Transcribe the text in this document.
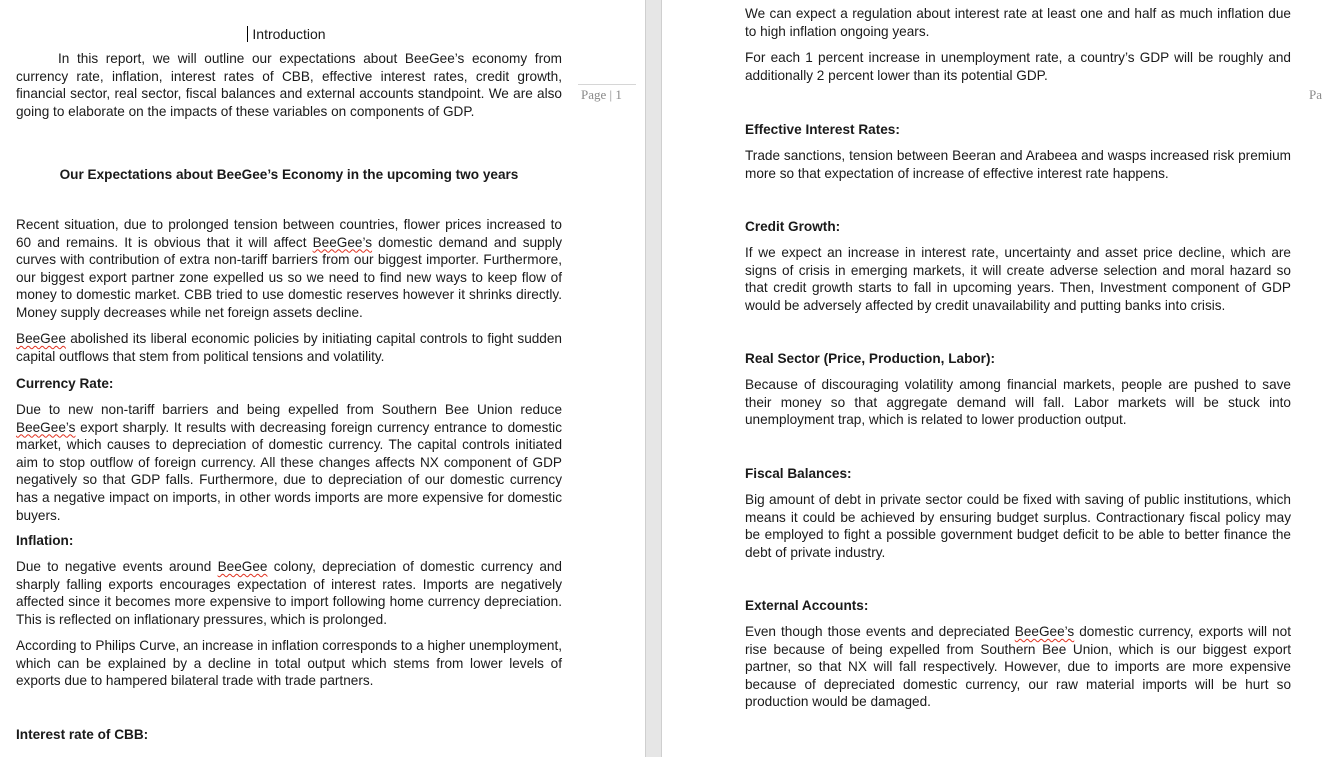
Introduction

In this report, we will outline our expectations about BeeGee’s economy from currency rate, inflation, interest rates of CBB, effective interest rates, credit growth, financial sector, real sector, fiscal balances and external accounts standpoint. We are also going to elaborate on the impacts of these variables on components of GDP.

Page | 1

Our Expectations about BeeGee’s Economy in the upcoming two years

Recent situation, due to prolonged tension between countries, flower prices increased to 60 and remains. It is obvious that it will affect BeeGee’s domestic demand and supply curves with contribution of extra non-tariff barriers from our biggest importer. Furthermore, our biggest export partner zone expelled us so we need to find new ways to keep flow of money to domestic market. CBB tried to use domestic reserves however it shrinks directly. Money supply decreases while net foreign assets decline.

BeeGee abolished its liberal economic policies by initiating capital controls to fight sudden capital outflows that stem from political tensions and volatility.

Currency Rate:

Due to new non-tariff barriers and being expelled from Southern Bee Union reduce BeeGee’s export sharply. It results with decreasing foreign currency entrance to domestic market, which causes to depreciation of domestic currency. The capital controls initiated aim to stop outflow of foreign currency. All these changes affects NX component of GDP negatively so that GDP falls. Furthermore, due to depreciation of our domestic currency has a negative impact on imports, in other words imports are more expensive for domestic buyers.

Inflation:

Due to negative events around BeeGee colony, depreciation of domestic currency and sharply falling exports encourages expectation of interest rates. Imports are negatively affected since it becomes more expensive to import following home currency depreciation. This is reflected on inflationary pressures, which is prolonged.

According to Philips Curve, an increase in inflation corresponds to a higher unemployment, which can be explained by a decline in total output which stems from lower levels of exports due to hampered bilateral trade with trade partners.

Interest rate of CBB:

We can expect a regulation about interest rate at least one and half as much inflation due to high inflation ongoing years.

For each 1 percent increase in unemployment rate, a country’s GDP will be roughly and additionally 2 percent lower than its potential GDP.

Pa

Effective Interest Rates:

Trade sanctions, tension between Beeran and Arabeea and wasps increased risk premium more so that expectation of increase of effective interest rate happens.

Credit Growth:

If we expect an increase in interest rate, uncertainty and asset price decline, which are signs of crisis in emerging markets, it will create adverse selection and moral hazard so that credit growth starts to fall in upcoming years. Then, Investment component of GDP would be adversely affected by credit unavailability and putting banks into crisis.

Real Sector (Price, Production, Labor):

Because of discouraging volatility among financial markets, people are pushed to save their money so that aggregate demand will fall. Labor markets will be stuck into unemployment trap, which is related to lower production output.

Fiscal Balances:

Big amount of debt in private sector could be fixed with saving of public institutions, which means it could be achieved by ensuring budget surplus. Contractionary fiscal policy may be employed to fight a possible government budget deficit to be able to better finance the debt of private industry.

External Accounts:

Even though those events and depreciated BeeGee’s domestic currency, exports will not rise because of being expelled from Southern Bee Union, which is our biggest export partner, so that NX will fall respectively. However, due to imports are more expensive because of depreciated domestic currency, our raw material imports will be hurt so production would be damaged.
